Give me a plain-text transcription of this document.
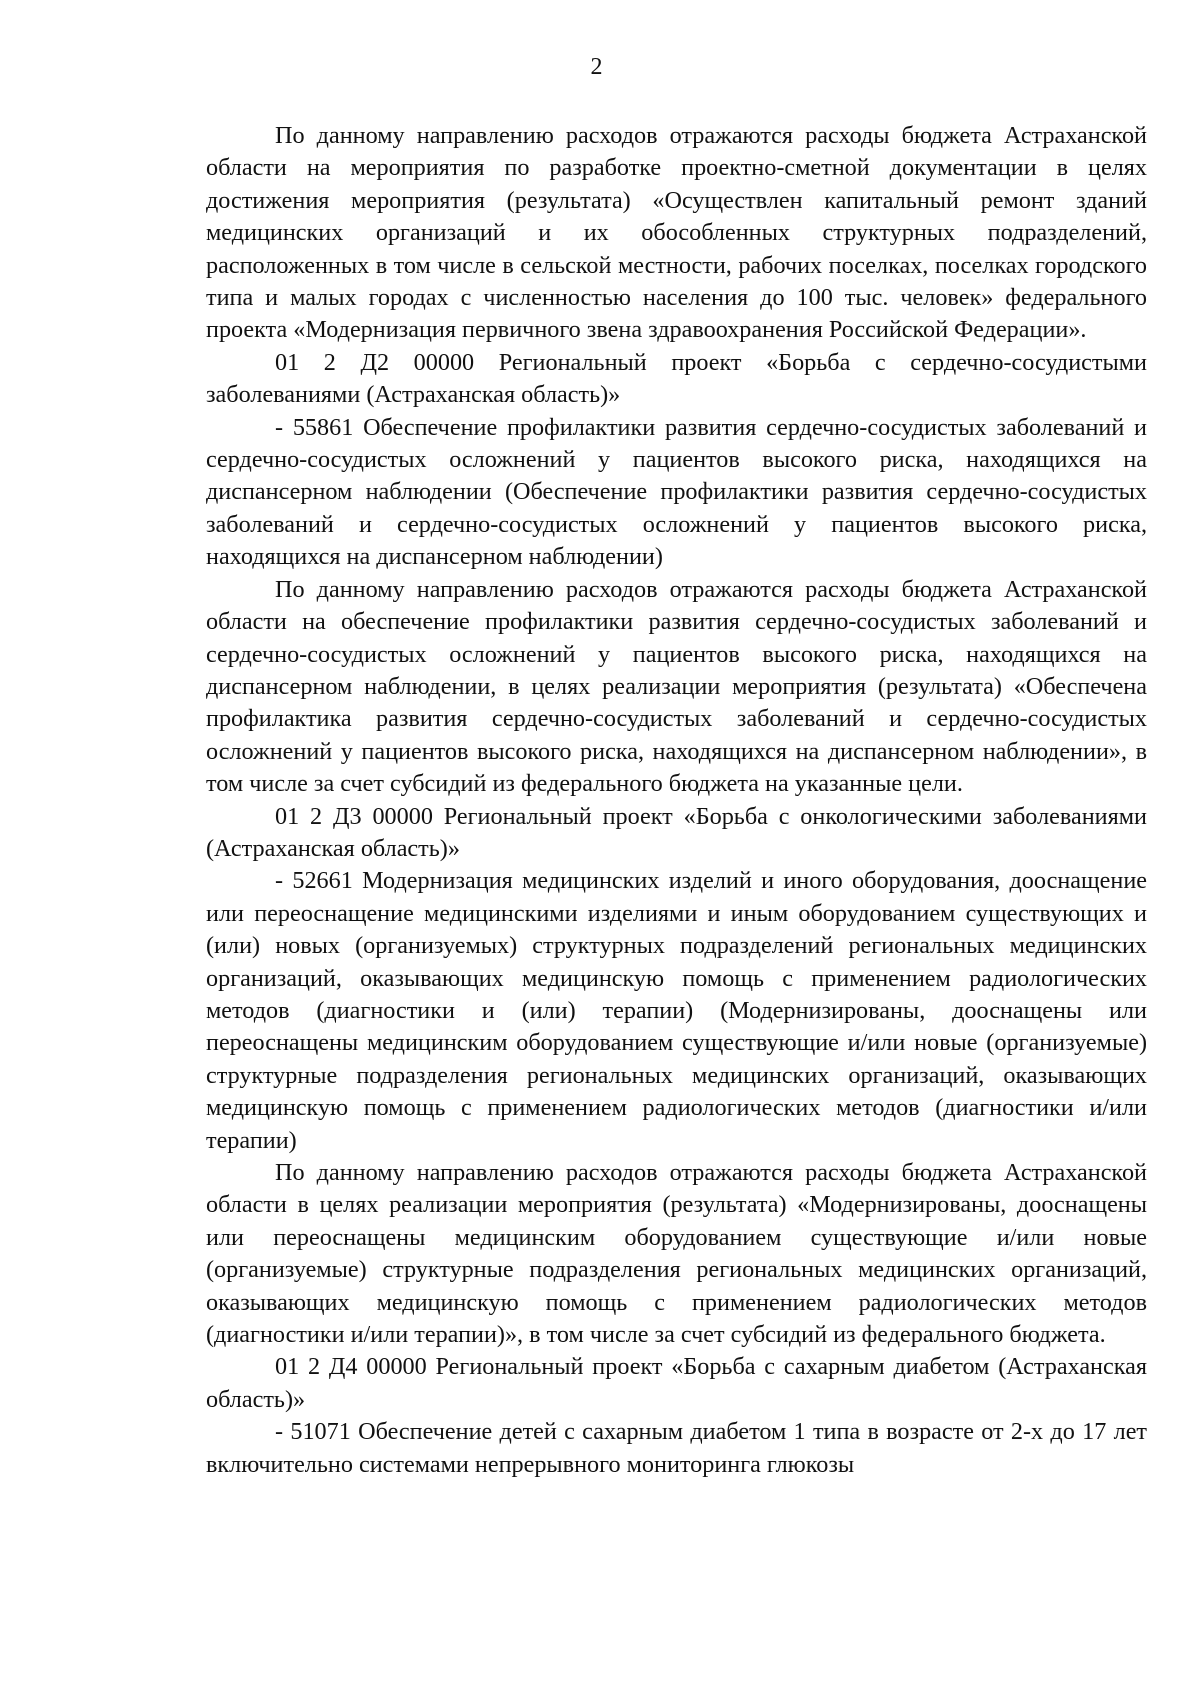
2

По данному направлению расходов отражаются расходы бюджета Астраханской области на мероприятия по разработке проектно-сметной документации в целях достижения мероприятия (результата) «Осуществлен капитальный ремонт зданий медицинских организаций и их обособленных структурных подразделений, расположенных в том числе в сельской местности, рабочих поселках, поселках городского типа и малых городах с численностью населения до 100 тыс. человек» федерального проекта «Модернизация первичного звена здравоохранения Российской Федерации».

01 2 Д2 00000 Региональный проект «Борьба с сердечно-сосудистыми заболеваниями (Астраханская область)»

- 55861 Обеспечение профилактики развития сердечно-сосудистых заболеваний и сердечно-сосудистых осложнений у пациентов высокого риска, находящихся на диспансерном наблюдении (Обеспечение профилактики развития сердечно-сосудистых заболеваний и сердечно-сосудистых осложнений у пациентов высокого риска, находящихся на диспансерном наблюдении)

По данному направлению расходов отражаются расходы бюджета Астраханской области на обеспечение профилактики развития сердечно-сосудистых заболеваний и сердечно-сосудистых осложнений у пациентов высокого риска, находящихся на диспансерном наблюдении, в целях реализации мероприятия (результата) «Обеспечена профилактика развития сердечно-сосудистых заболеваний и сердечно-сосудистых осложнений у пациентов высокого риска, находящихся на диспансерном наблюдении», в том числе за счет субсидий из федерального бюджета на указанные цели.

01 2 Д3 00000 Региональный проект «Борьба с онкологическими заболеваниями (Астраханская область)»

- 52661 Модернизация медицинских изделий и иного оборудования, дооснащение или переоснащение медицинскими изделиями и иным оборудованием существующих и (или) новых (организуемых) структурных подразделений региональных медицинских организаций, оказывающих медицинскую помощь с применением радиологических методов (диагностики и (или) терапии) (Модернизированы, дооснащены или переоснащены медицинским оборудованием существующие и/или новые (организуемые) структурные подразделения региональных медицинских организаций, оказывающих медицинскую помощь с применением радиологических методов (диагностики и/или терапии)

По данному направлению расходов отражаются расходы бюджета Астраханской области в целях реализации мероприятия (результата) «Модернизированы, дооснащены или переоснащены медицинским оборудованием существующие и/или новые (организуемые) структурные подразделения региональных медицинских организаций, оказывающих медицинскую помощь с применением радиологических методов (диагностики и/или терапии)», в том числе за счет субсидий из федерального бюджета.

01 2 Д4 00000 Региональный проект «Борьба с сахарным диабетом (Астраханская область)»

- 51071 Обеспечение детей с сахарным диабетом 1 типа в возрасте от 2-х до 17 лет включительно системами непрерывного мониторинга глюкозы
